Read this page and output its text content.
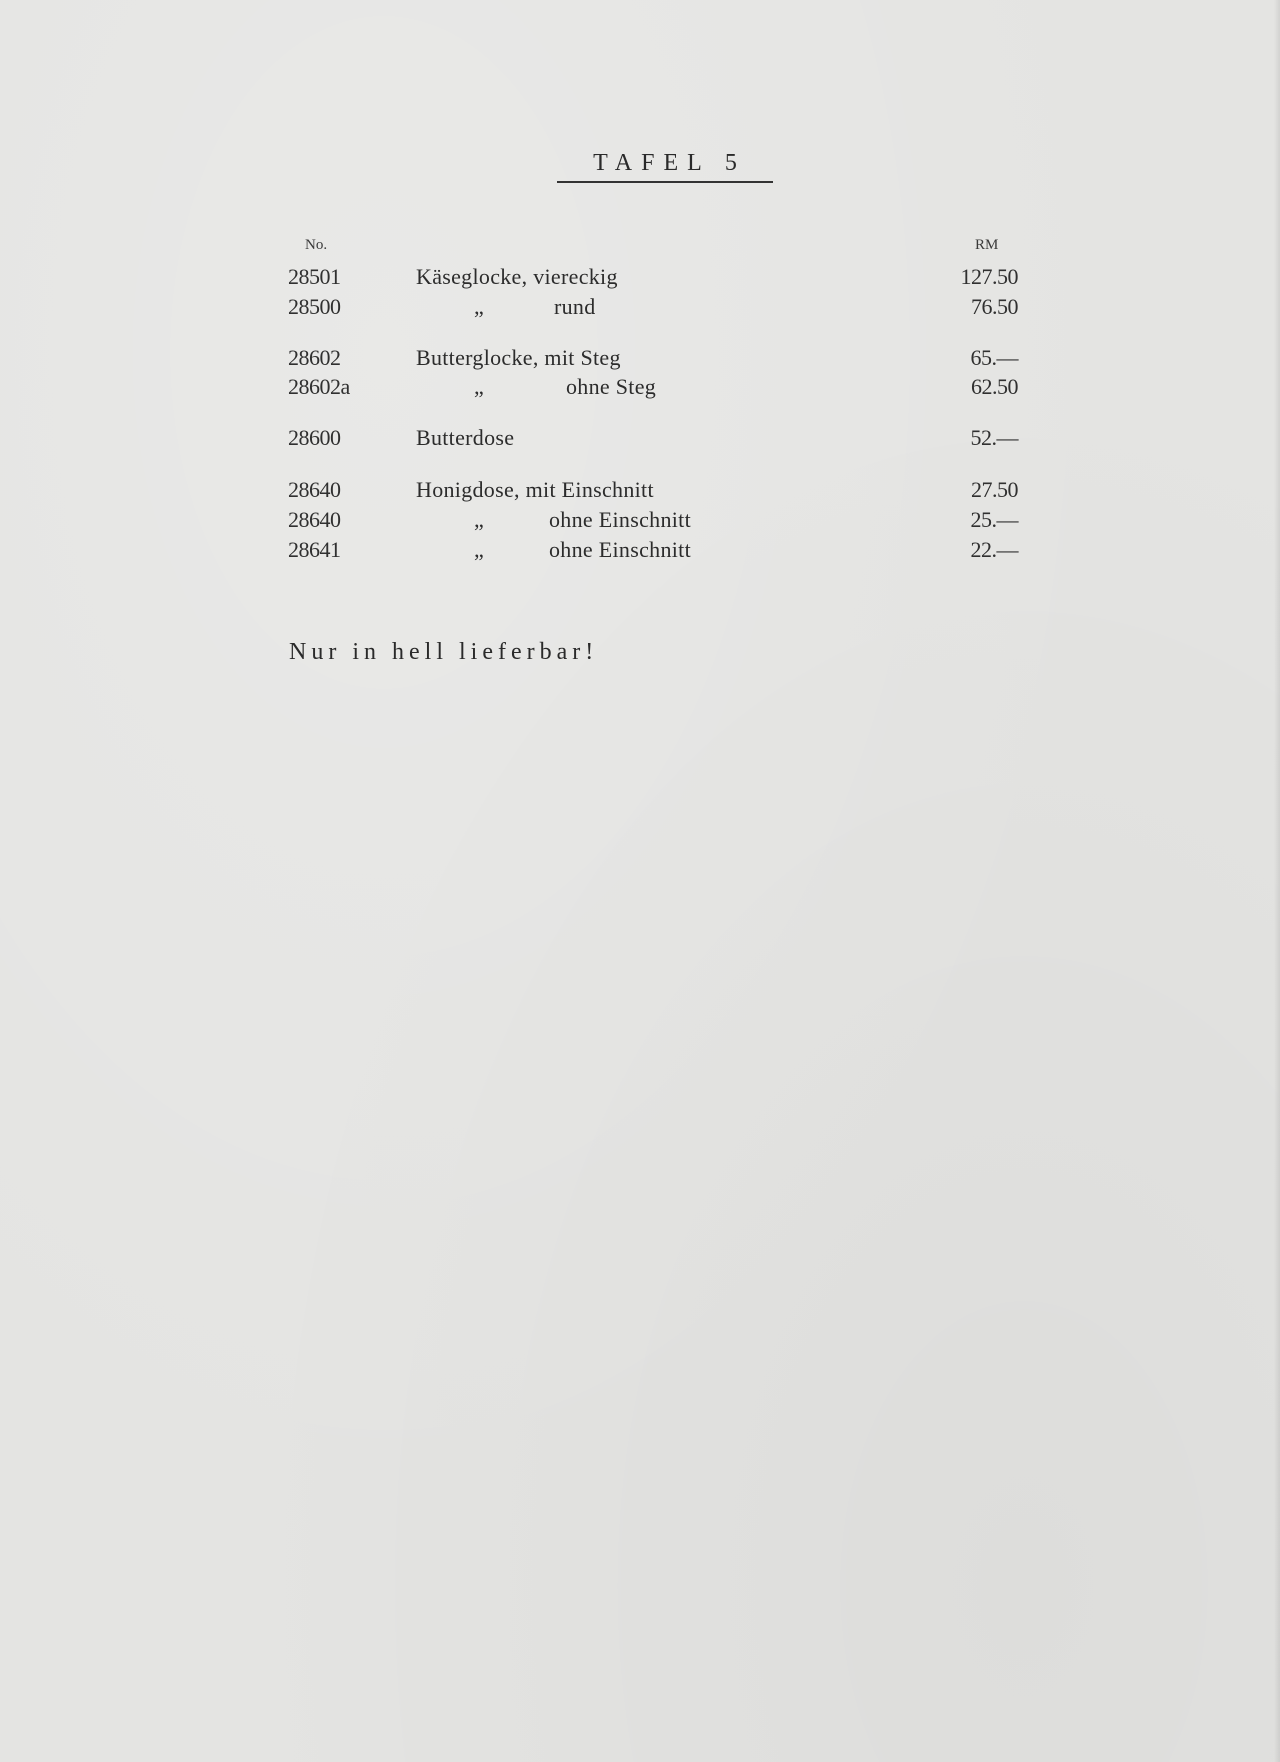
TAFEL 5
No.	RM
28501	Käseglocke, viereckig	127.50
28500	„	rund	76.50
28602	Butterglocke, mit Steg	65.—
28602a	„	ohne Steg	62.50
28600	Butterdose	52.—
28640	Honigdose, mit Einschnitt	27.50
28640	„	ohne Einschnitt	25.—
28641	„	ohne Einschnitt	22.—
Nur in hell lieferbar!
